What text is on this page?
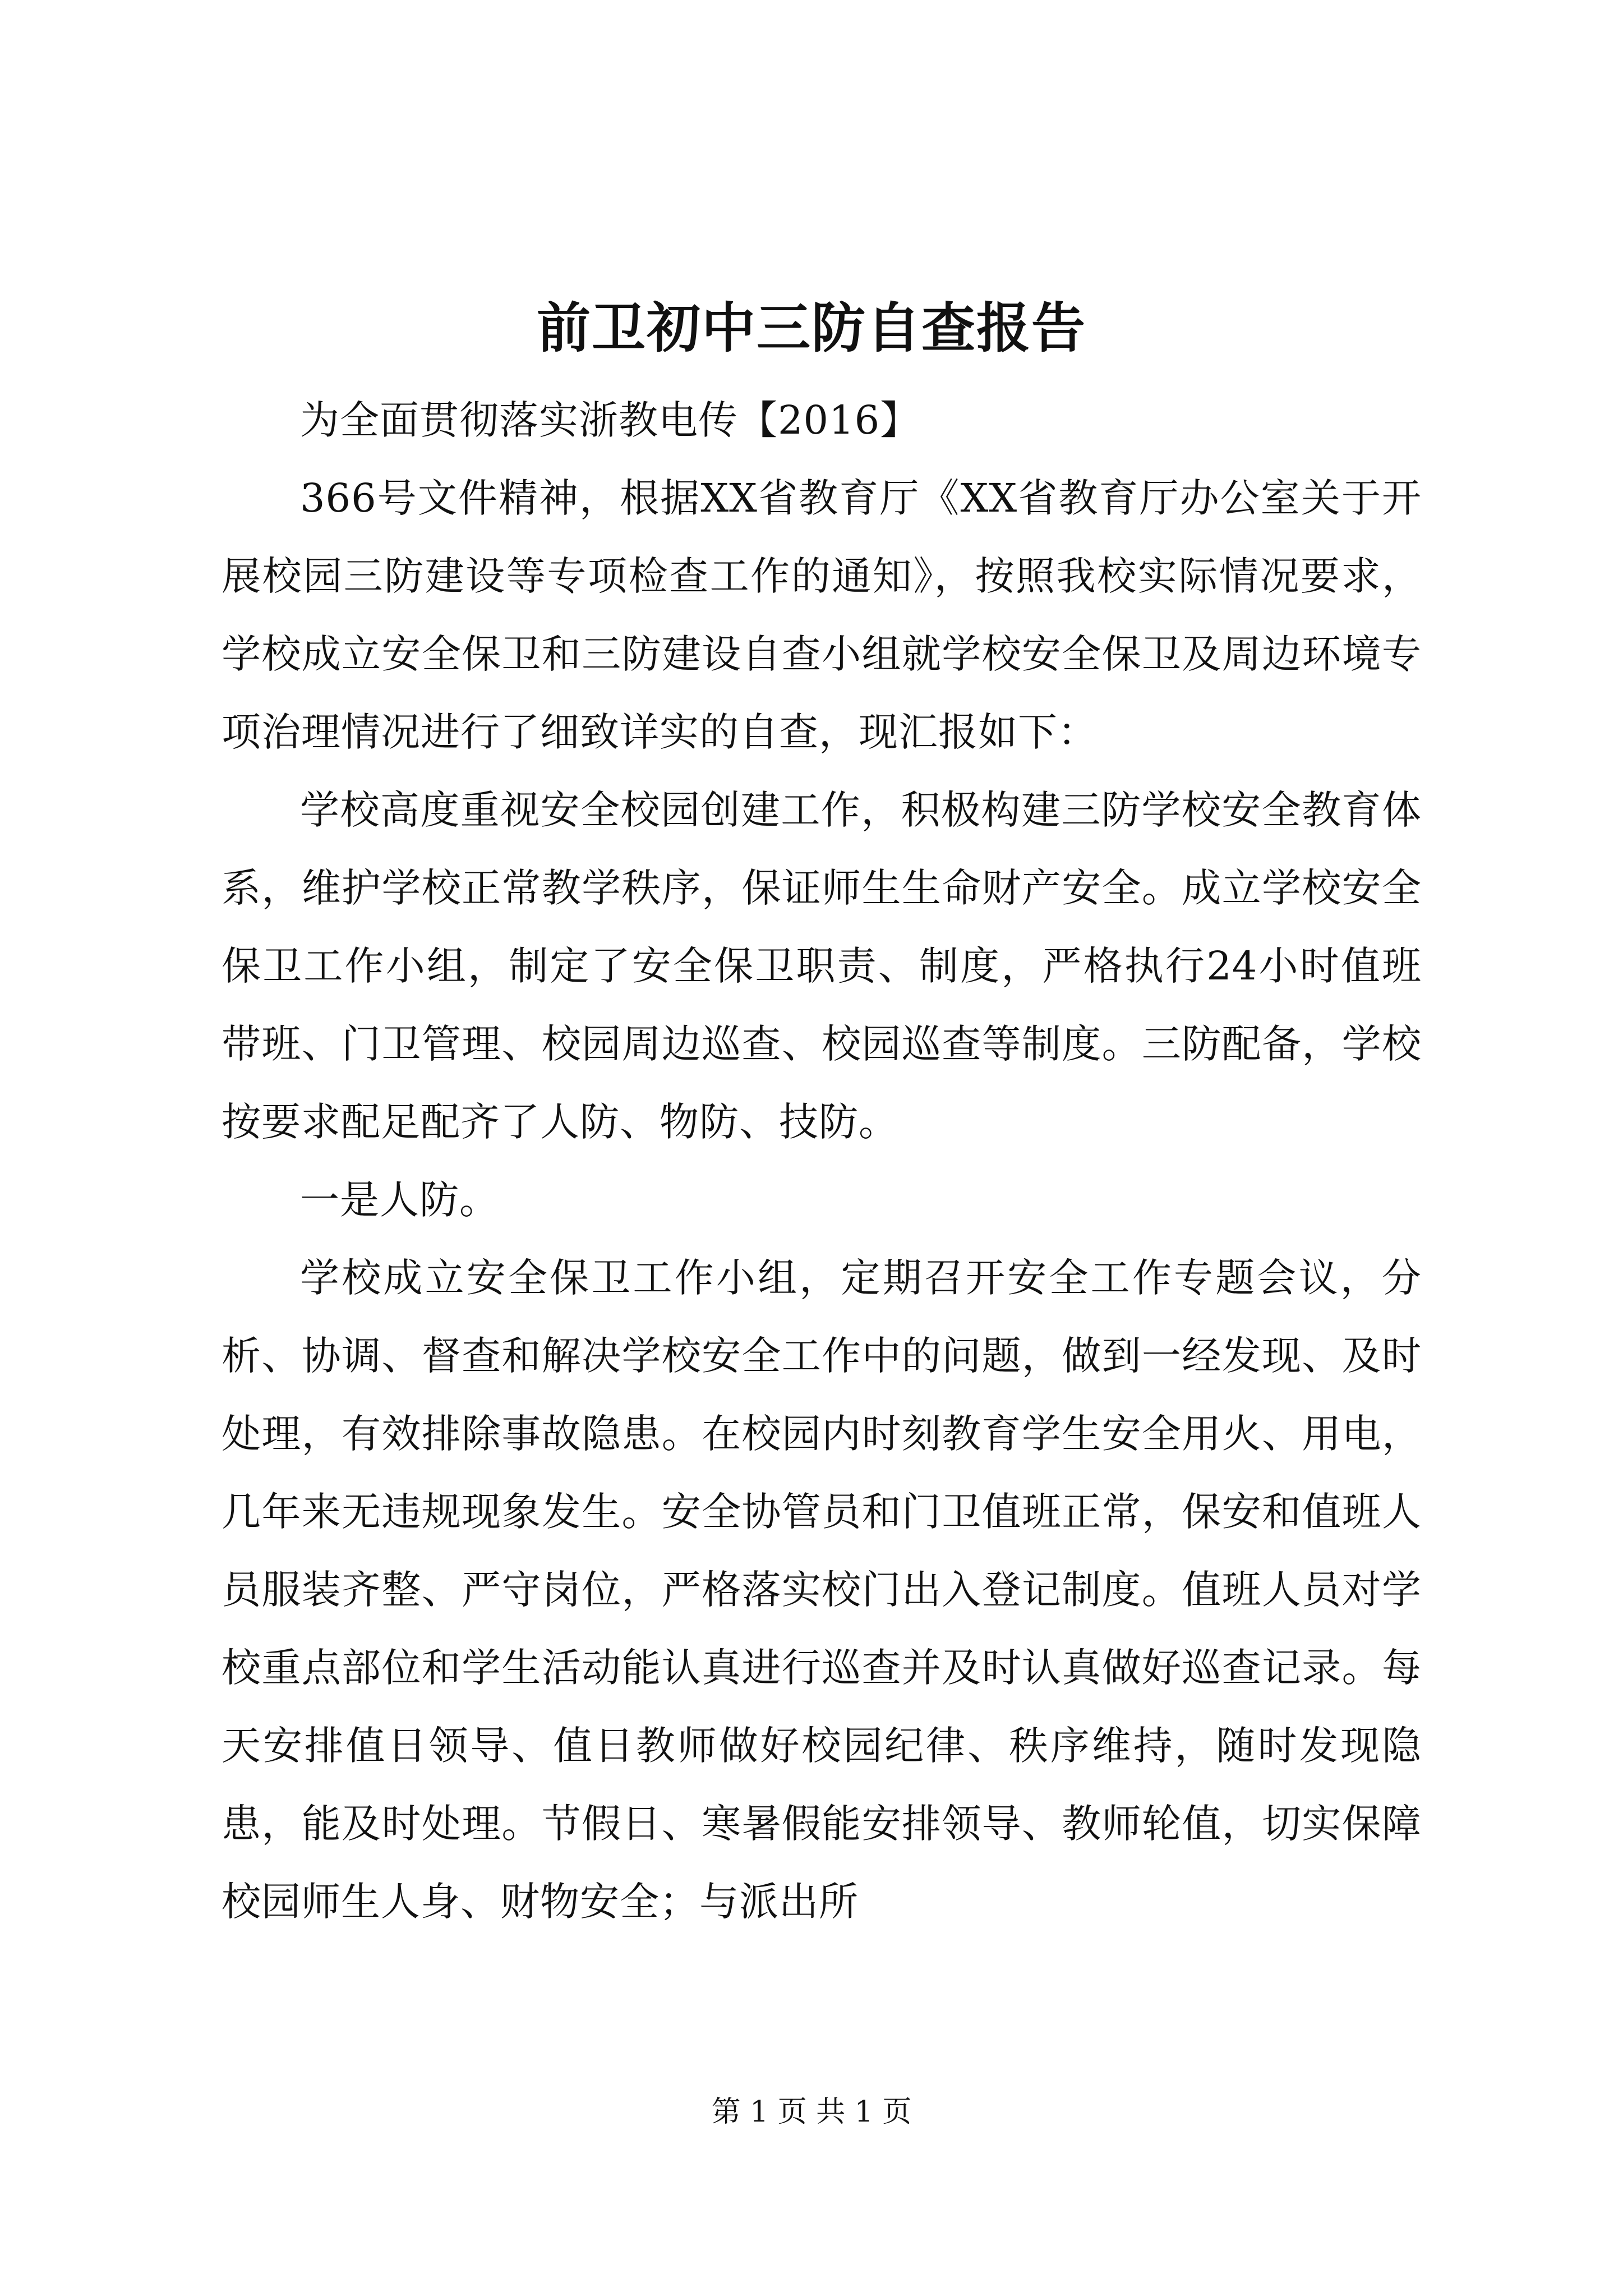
前卫初中三防自查报告

为全面贯彻落实浙教电传【2016】

366号文件精神，根据XX省教育厅《XX省教育厅办公室关于开展校园三防建设等专项检查工作的通知》，按照我校实际情况要求，学校成立安全保卫和三防建设自查小组就学校安全保卫及周边环境专项治理情况进行了细致详实的自查，现汇报如下：

学校高度重视安全校园创建工作，积极构建三防学校安全教育体系，维护学校正常教学秩序，保证师生生命财产安全。成立学校安全保卫工作小组，制定了安全保卫职责、制度，严格执行24小时值班带班、门卫管理、校园周边巡查、校园巡查等制度。三防配备，学校按要求配足配齐了人防、物防、技防。

一是人防。

学校成立安全保卫工作小组，定期召开安全工作专题会议，分析、协调、督查和解决学校安全工作中的问题，做到一经发现、及时处理，有效排除事故隐患。在校园内时刻教育学生安全用火、用电，几年来无违规现象发生。安全协管员和门卫值班正常，保安和值班人员服装齐整、严守岗位，严格落实校门出入登记制度。值班人员对学校重点部位和学生活动能认真进行巡查并及时认真做好巡查记录。每天安排值日领导、值日教师做好校园纪律、秩序维持，随时发现隐患，能及时处理。节假日、寒暑假能安排领导、教师轮值，切实保障校园师生人身、财物安全；与派出所

第 1 页 共 1 页
